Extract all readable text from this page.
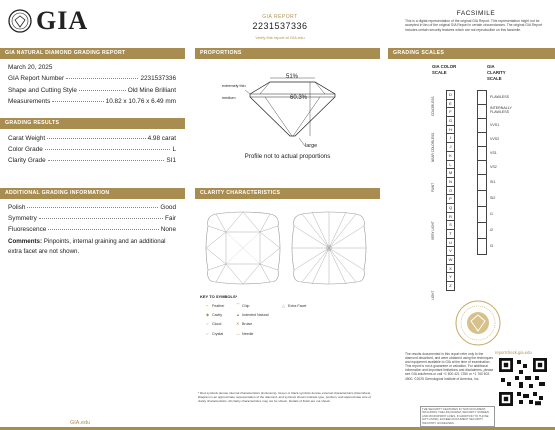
GIA	GIA REPORT
2231537336
Verify this report at GIA.edu
FACSIMILE
This is a digital representation of the original GIA Report. This representation might not be accepted in lieu of the original GIA Report in certain circumstances. The original GIA Report includes certain security features which are not reproducible on this facsimile.
GIA NATURAL DIAMOND GRADING REPORT
March 20, 2025
GIA Report Number	2231537336
Shape and Cutting Style	Old Mine Brilliant
Measurements	10.82 x 10.76 x 6.49 mm
GRADING RESULTS
Carat Weight	4.98 carat
Color Grade	L
Clarity Grade	SI1
ADDITIONAL GRADING INFORMATION
Polish	Good
Symmetry	Fair
Fluorescence	None
Comments: Pinpoints, internal graining and an additional extra facet are not shown.
PROPORTIONS
51%
60.3%
extremely thin
medium
large
Profile not to actual proportions
CLARITY CHARACTERISTICS
KEY TO SYMBOLS*
⌐	Feather	⌒ Chip	△ Extra Facet
◆ Cavity	▲ Indented Natural
○ Cloud	✕ Bruise
○ Crystal	— Needle
* Red symbols denote internal characteristics (inclusions). Green or black symbols denote external characteristics (blemishes). Diagram is an approximate representation of the diamond, and symbols shown indicate type, position, and approximate size of clarity characteristics. All clarity characteristics may not be shown. Details of finish are not shown.
GRADING SCALES
GIA COLOR SCALE
GIA CLARITY SCALE
D
E
F
G
H
I
J
K
L
M
N
O
P
Q
R
S
T
U
V
W
X
Y
Z
COLORLESS
NEAR COLORLESS
FAINT
VERY LIGHT
LIGHT
reportcheck.gia.edu
The results documented in this report refer only to the diamond described, and were obtained using the techniques and equipment available to GIA at the time of examination. This report is not a guarantee or valuation. For additional information and important limitations and disclaimers, please see GIA.edu/terms or call +1 800 421 7250 or +1 760 603 4500. ©2025 Gemological Institute of America, Inc.
THE SECURITY FEATURES IN THIS DOCUMENT, INCLUDING THE HOLOGRAM, SECURITY SCREEN AND MICROPRINT LINES, IN ADDITION TO THOSE NOT LISTED, EXCEED DOCUMENT SECURITY INDUSTRY GUIDELINES.
GIA.edu
FLAWLESS
INTERNALLY FLAWLESS
VVS1
VVS2
VS1
VS2
SI1
SI2
I1
I2
I3
